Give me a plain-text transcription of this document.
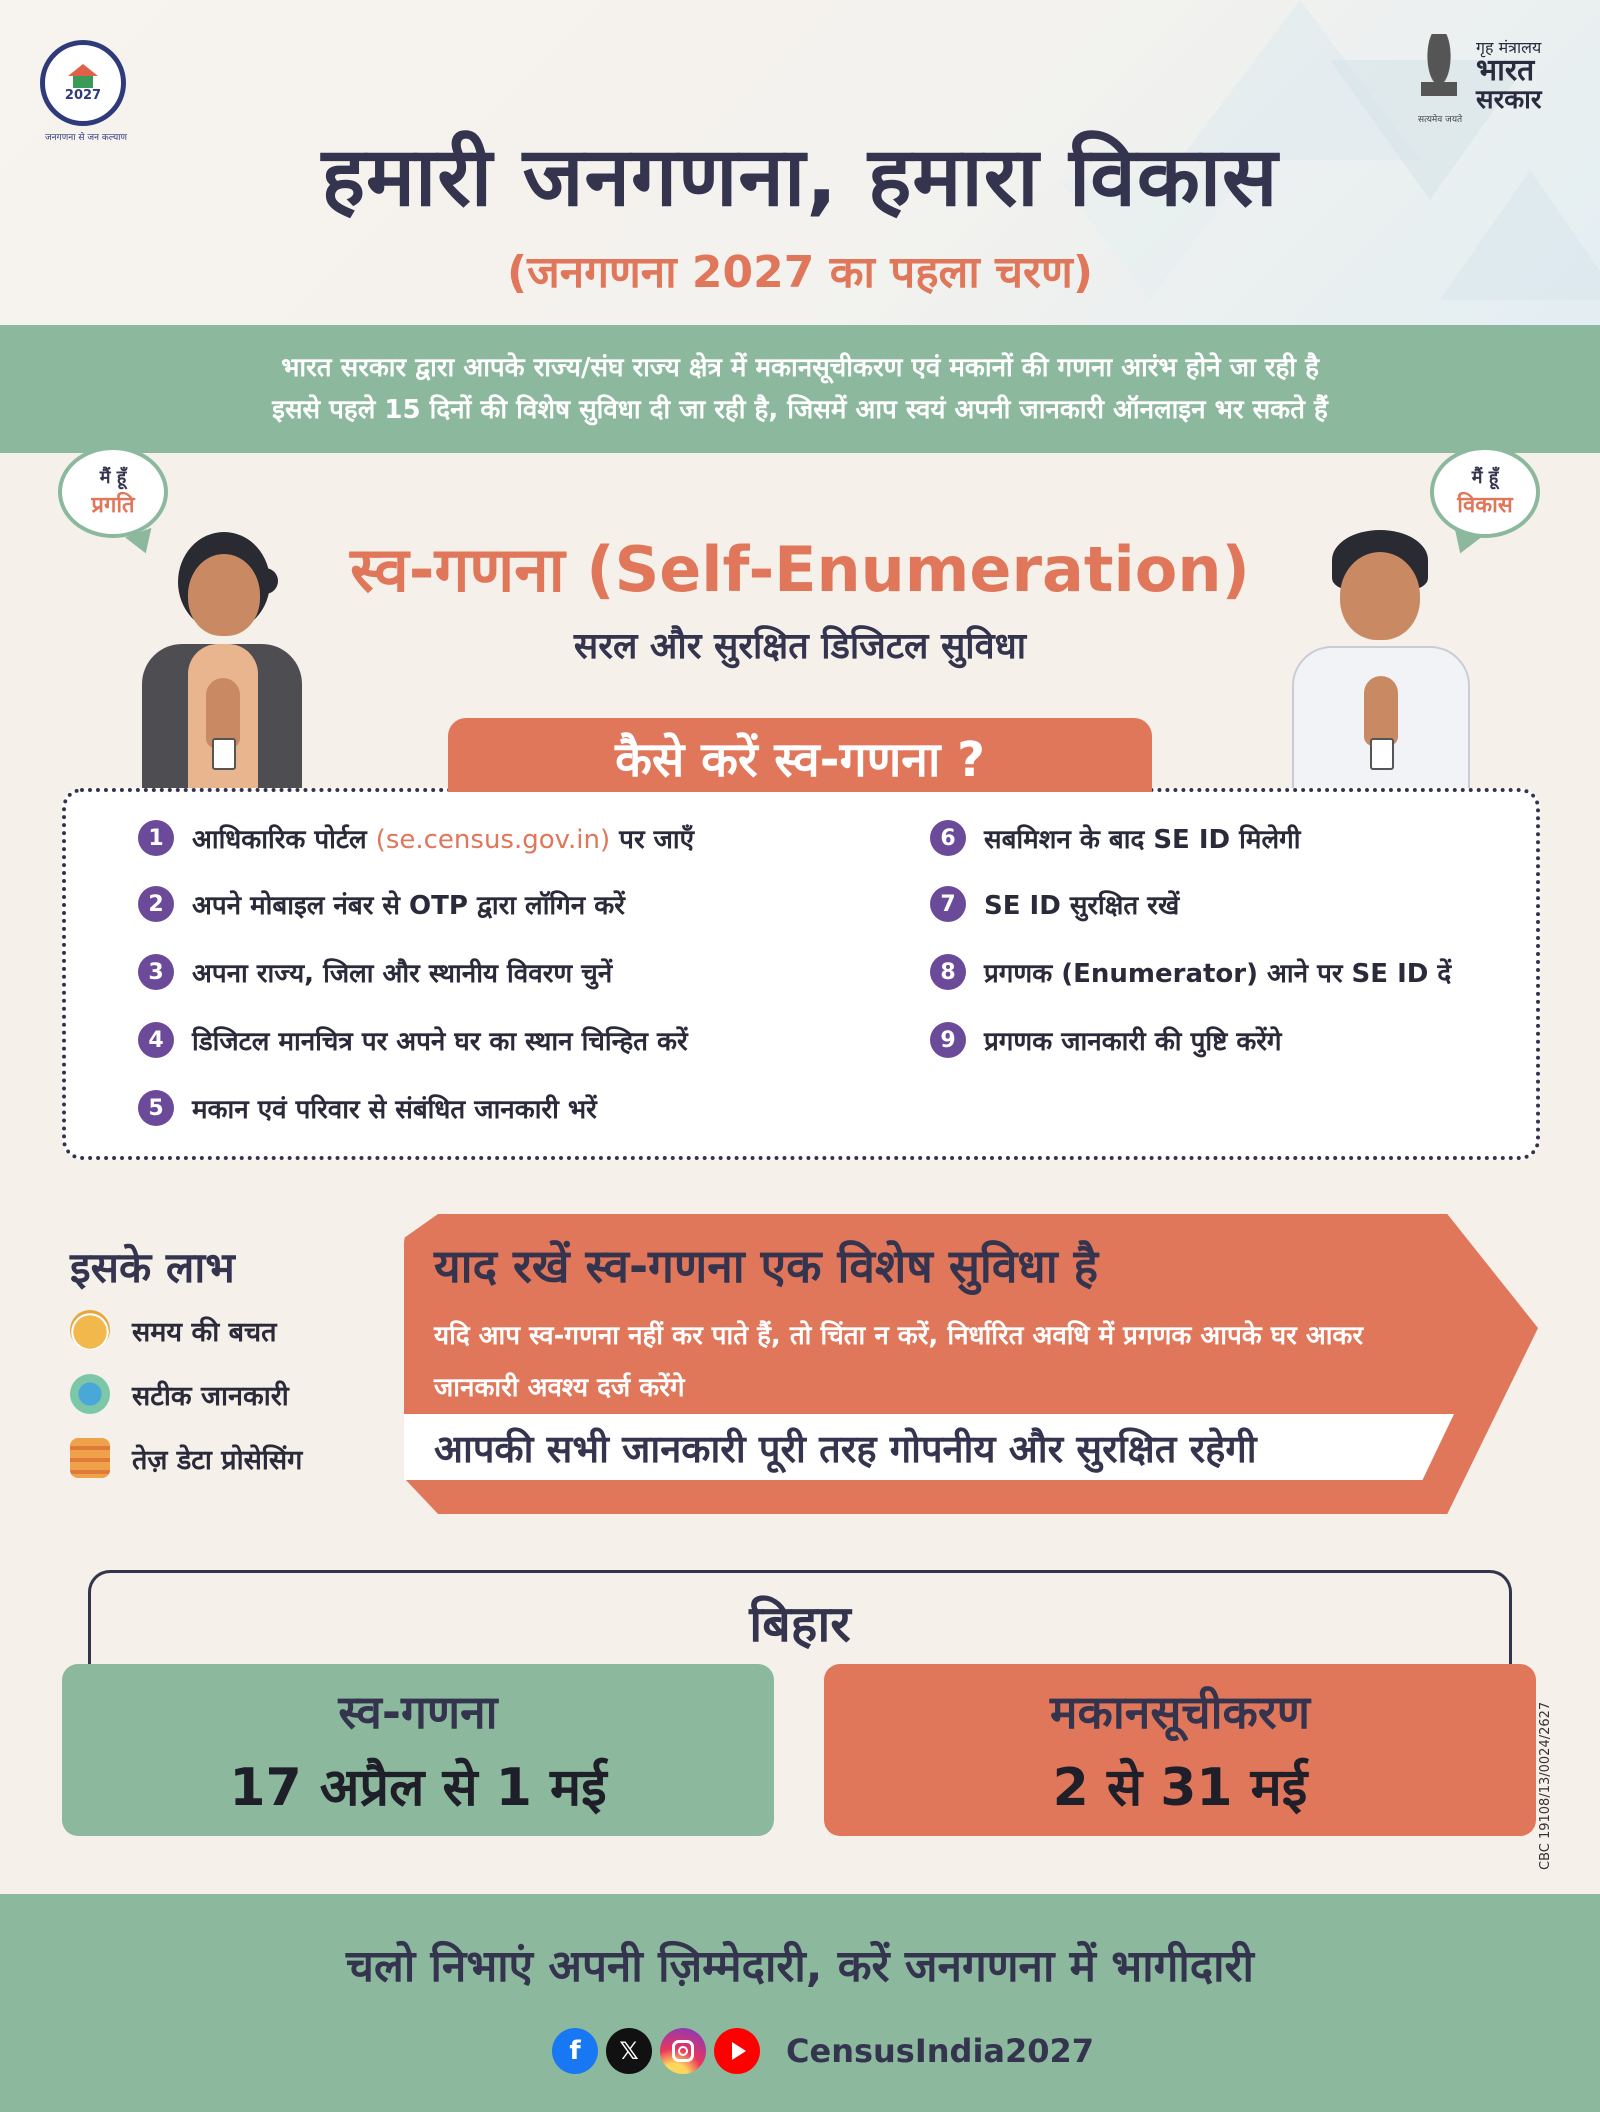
2027
जनगणना से जन कल्याण
गृह मंत्रालय
भारत
सरकार
सत्यमेव जयते
हमारी जनगणना, हमारा विकास
(जनगणना 2027 का पहला चरण)

भारत सरकार द्वारा आपके राज्य/संघ राज्य क्षेत्र में मकानसूचीकरण एवं मकानों की गणना आरंभ होने जा रही है

इससे पहले 15 दिनों की विशेष सुविधा दी जा रही है, जिसमें आप स्वयं अपनी जानकारी ऑनलाइन भर सकते हैं

मैं हूँ
प्रगति
मैं हूँ
विकास
स्व-गणना (Self-Enumeration)
सरल और सुरक्षित डिजिटल सुविधा
कैसे करें स्व-गणना ?
1	आधिकारिक पोर्टल (se.census.gov.in) पर जाएँ
2	अपने मोबाइल नंबर से OTP द्वारा लॉगिन करें
3	अपना राज्य, जिला और स्थानीय विवरण चुनें
4	डिजिटल मानचित्र पर अपने घर का स्थान चिन्हित करें
5	मकान एवं परिवार से संबंधित जानकारी भरें
6	सबमिशन के बाद SE ID मिलेगी
7	SE ID सुरक्षित रखें
8	प्रगणक (Enumerator) आने पर SE ID दें
9	प्रगणक जानकारी की पुष्टि करेंगे
इसके लाभ
समय की बचत
सटीक जानकारी
तेज़ डेटा प्रोसेसिंग
याद रखें स्व-गणना एक विशेष सुविधा है
यदि आप स्व-गणना नहीं कर पाते हैं, तो चिंता न करें, निर्धारित अवधि में प्रगणक आपके घर आकर जानकारी अवश्य दर्ज करेंगे
आपकी सभी जानकारी पूरी तरह गोपनीय और सुरक्षित रहेगी
बिहार
स्व-गणना
17 अप्रैल से 1 मई
मकानसूचीकरण
2 से 31 मई	CBC 19108/13/0024/2627
चलो निभाएं अपनी ज़िम्मेदारी, करें जनगणना में भागीदारी
f	𝕏	CensusIndia2027
